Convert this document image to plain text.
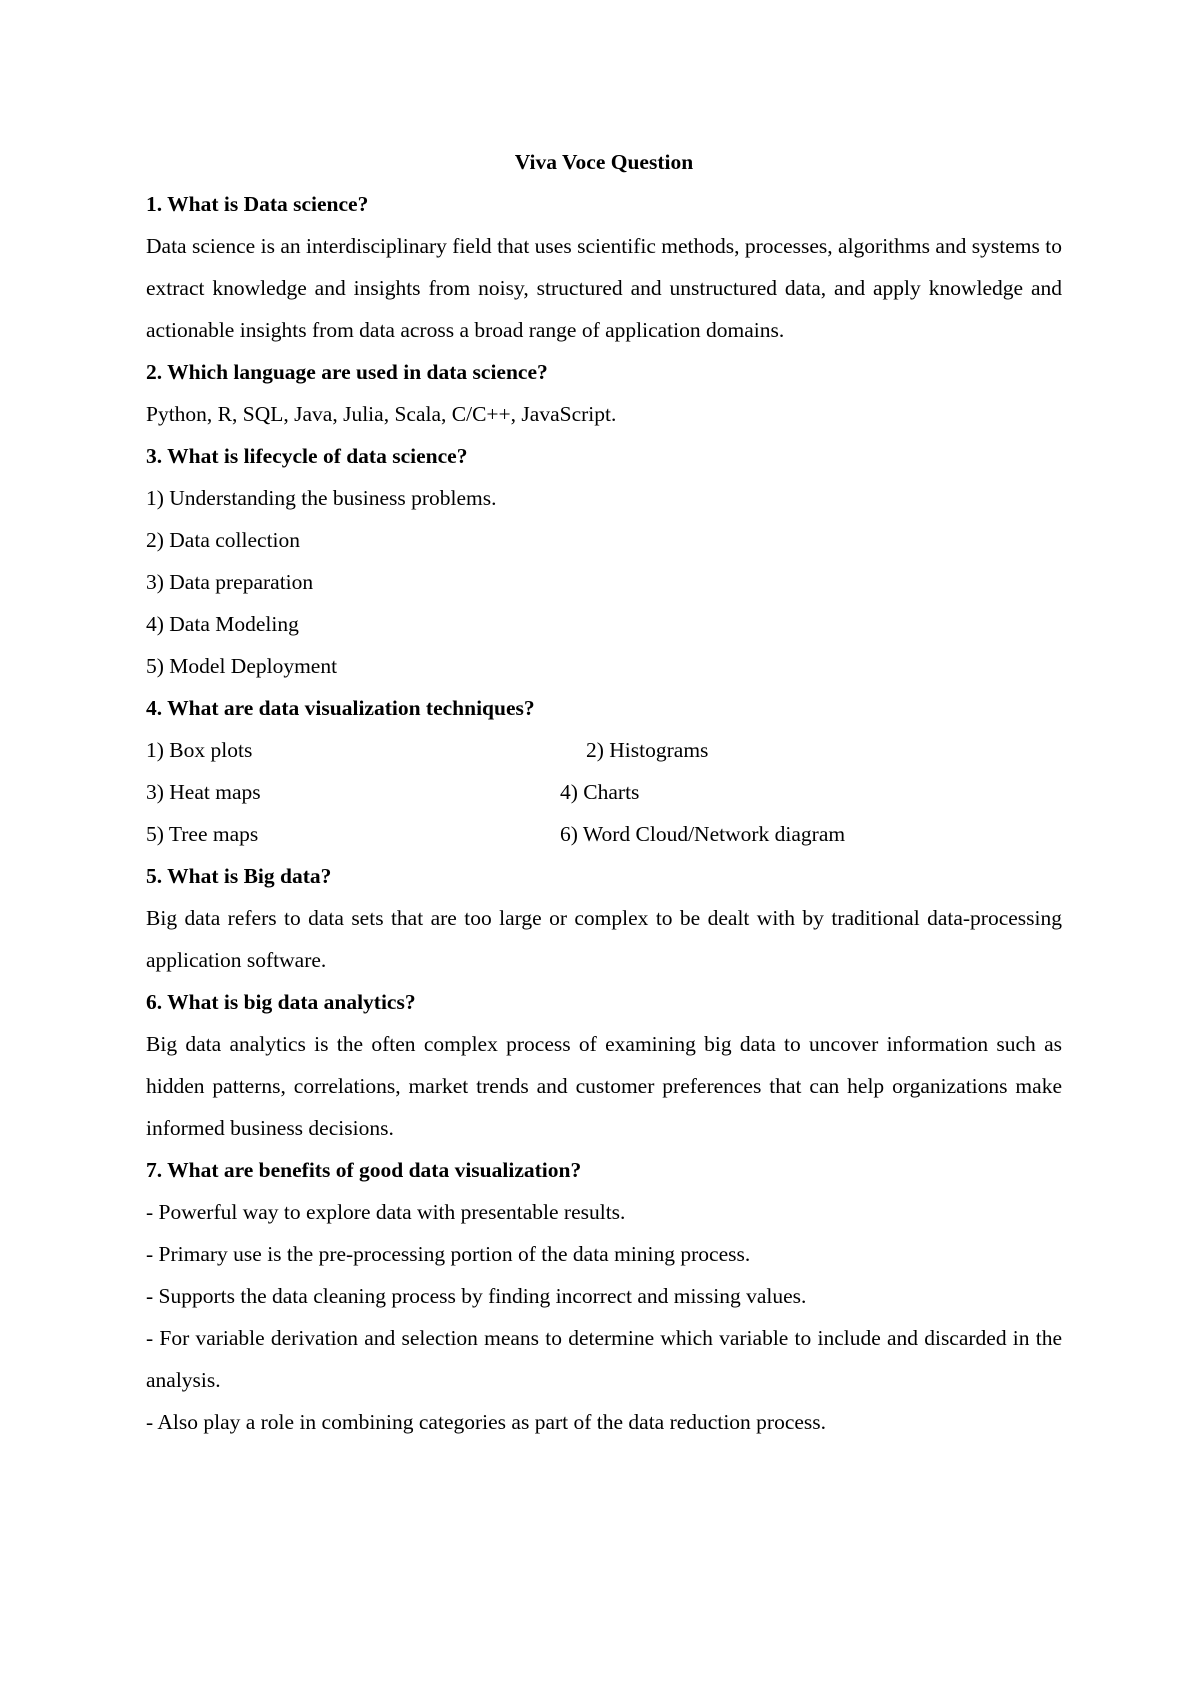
Viva Voce Question
1. What is Data science?
Data science is an interdisciplinary field that uses scientific methods, processes, algorithms and systems to extract knowledge and insights from noisy, structured and unstructured data, and apply knowledge and actionable insights from data across a broad range of application domains.
2. Which language are used in data science?
Python, R, SQL, Java, Julia, Scala, C/C++, JavaScript.
3. What is lifecycle of data science?
1) Understanding the business problems.
2) Data collection
3) Data preparation
4) Data Modeling
5) Model Deployment
4. What are data visualization techniques?
1) Box plots	2) Histograms
3) Heat maps	4) Charts
5) Tree maps	6) Word Cloud/Network diagram
5. What is Big data?
Big data refers to data sets that are too large or complex to be dealt with by traditional data-processing application software.
6. What is big data analytics?
Big data analytics is the often complex process of examining big data to uncover information such as hidden patterns, correlations, market trends and customer preferences that can help organizations make informed business decisions.
7. What are benefits of good data visualization?
- Powerful way to explore data with presentable results.
- Primary use is the pre-processing portion of the data mining process.
- Supports the data cleaning process by finding incorrect and missing values.
- For variable derivation and selection means to determine which variable to include and discarded in the analysis.
- Also play a role in combining categories as part of the data reduction process.
